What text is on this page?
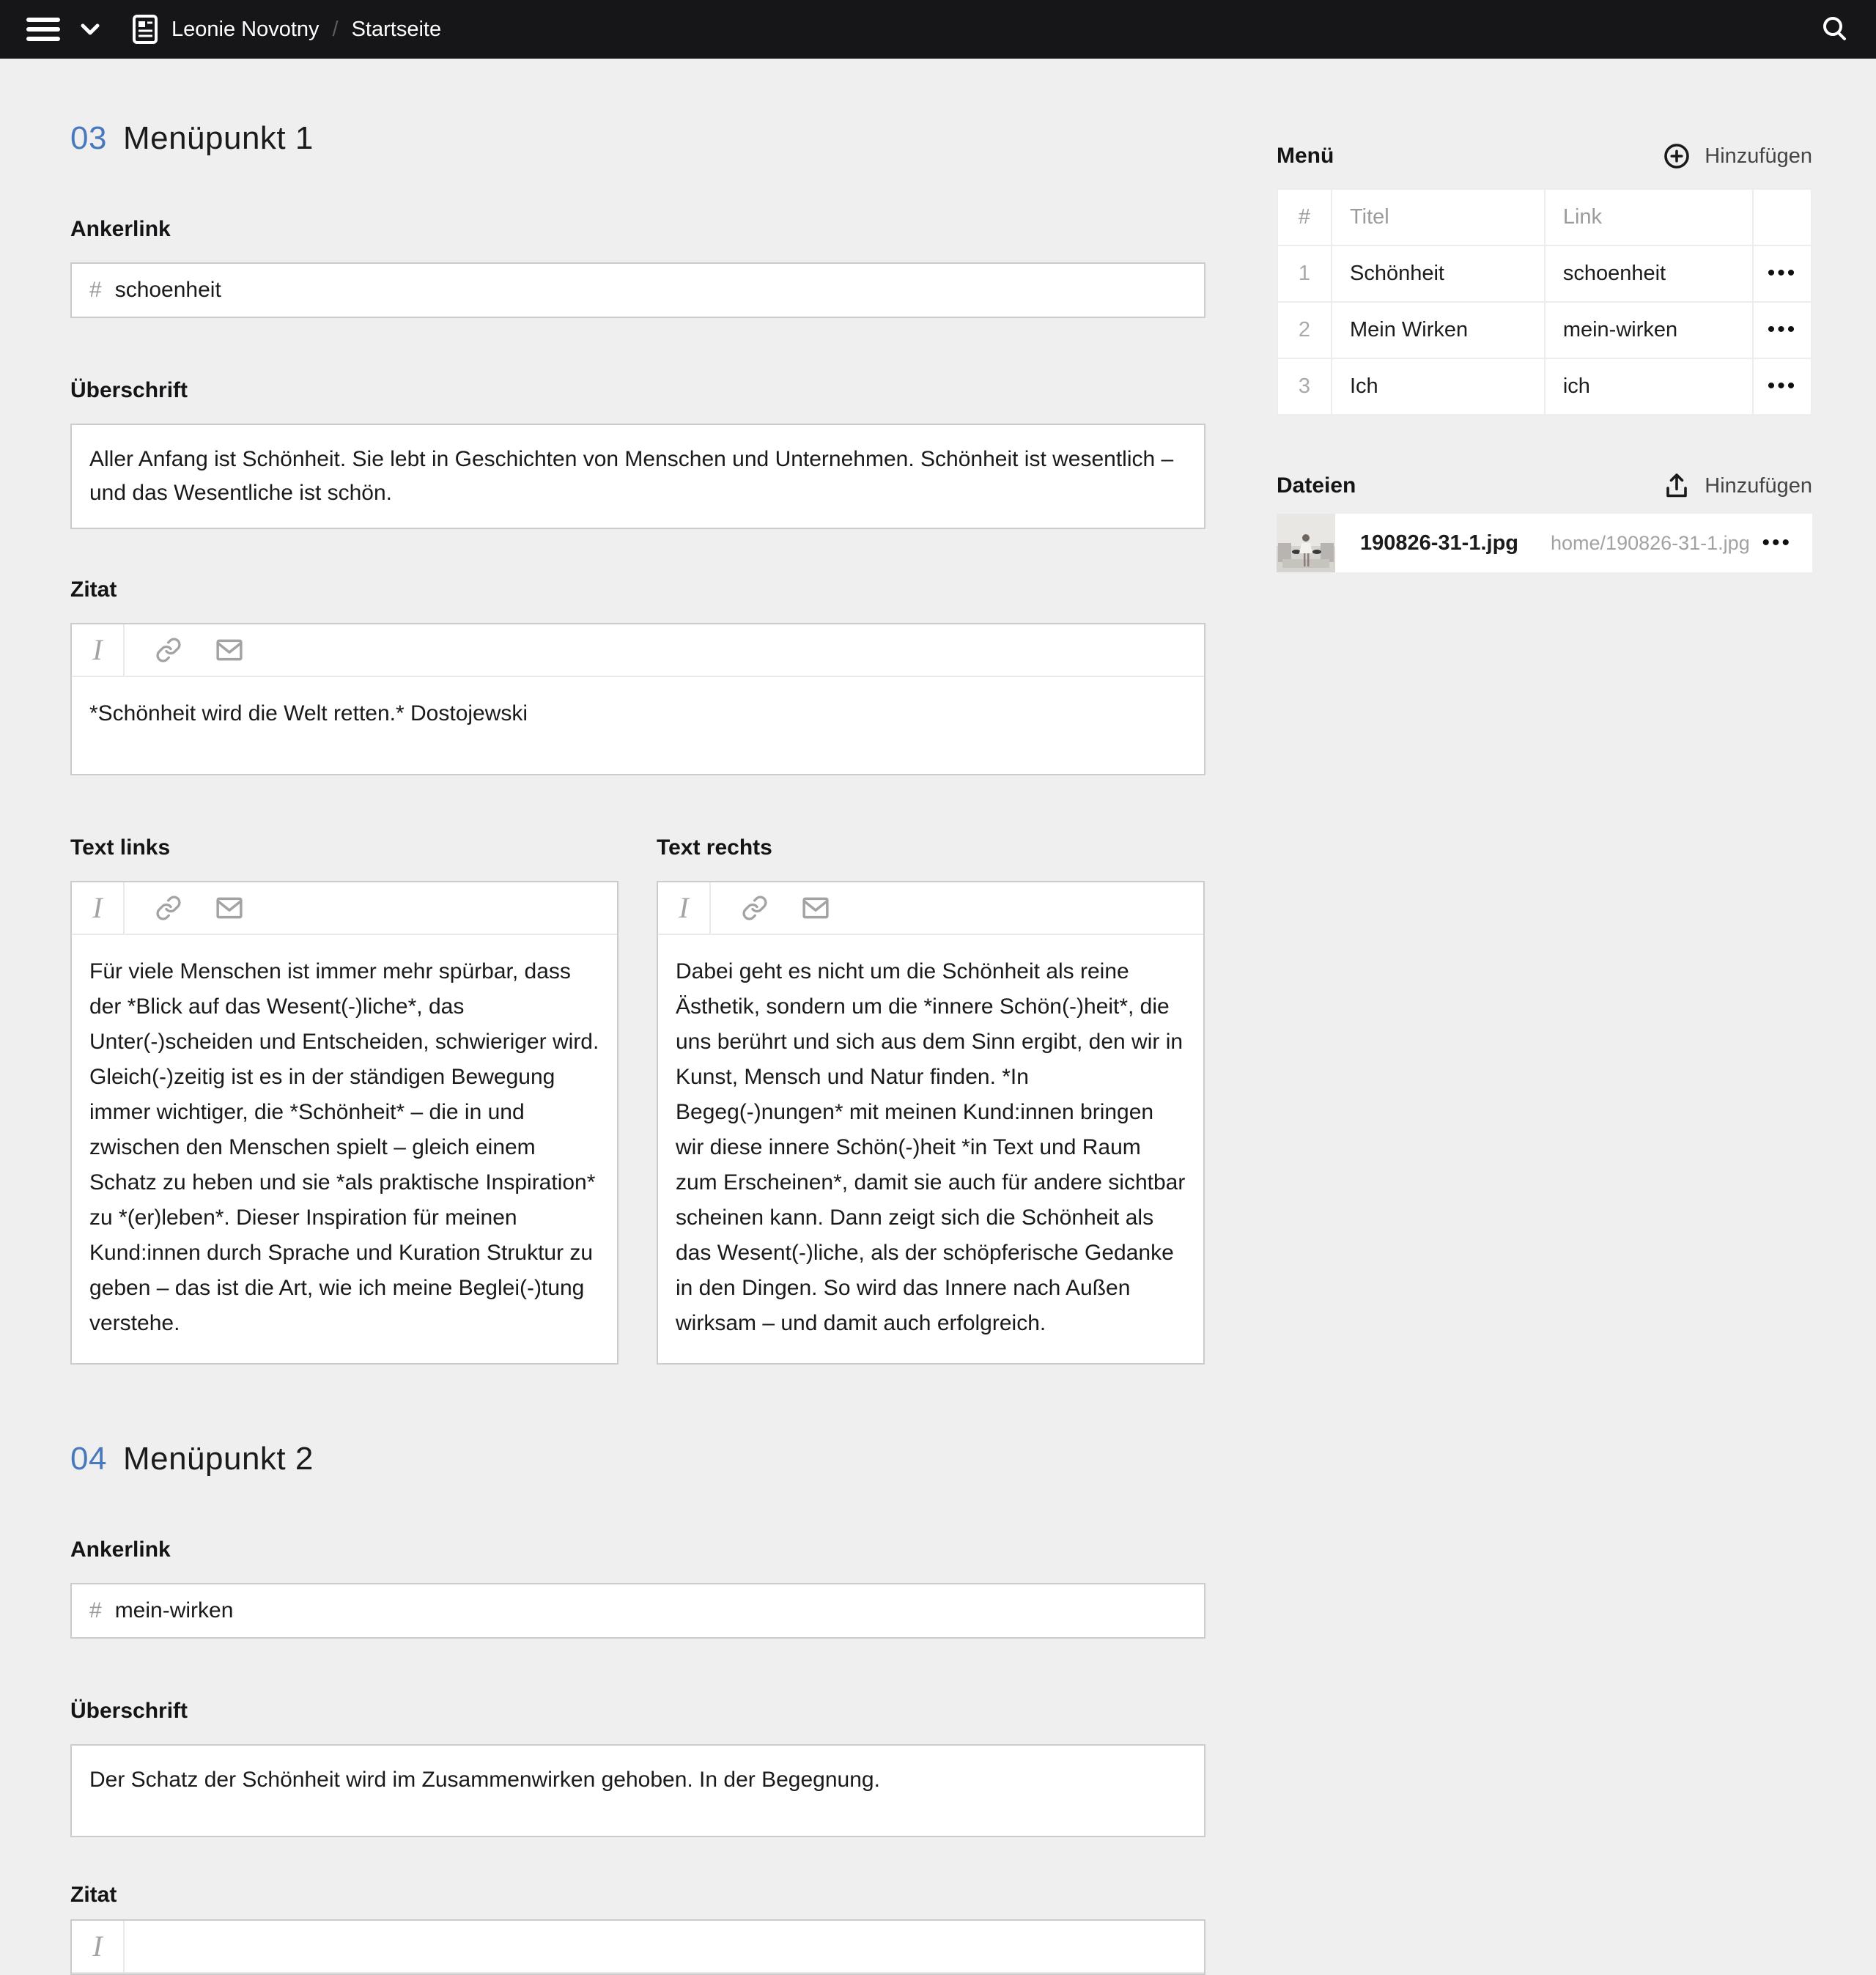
Leonie Novotny / Startseite
03 Menüpunkt 1
Ankerlink
# schoenheit
Überschrift
Aller Anfang ist Schönheit. Sie lebt in Geschichten von Menschen und Unternehmen. Schönheit ist wesentlich – und das Wesentliche ist schön.
Zitat
I
*Schönheit wird die Welt retten.* Dostojewski
Text links
I
Für viele Menschen ist immer mehr spürbar, dass der *Blick auf das Wesent(-)liche*, das Unter(-)scheiden und Entscheiden, schwieriger wird. Gleich(-)zeitig ist es in der ständigen Bewegung immer wichtiger, die *Schönheit* – die in und zwischen den Menschen spielt – gleich einem Schatz zu heben und sie *als praktische Inspiration* zu *(er)leben*. Dieser Inspiration für meinen Kund:innen durch Sprache und Kuration Struktur zu geben – das ist die Art, wie ich meine Beglei(-)tung verstehe.
Text rechts
I
Dabei geht es nicht um die Schönheit als reine Ästhetik, sondern um die *innere Schön(-)heit*, die uns berührt und sich aus dem Sinn ergibt, den wir in Kunst, Mensch und Natur finden. *In Begeg(-)nungen* mit meinen Kund:innen bringen wir diese innere Schön(-)heit *in Text und Raum zum Erscheinen*, damit sie auch für andere sichtbar scheinen kann. Dann zeigt sich die Schönheit als das Wesent(-)liche, als der schöpferische Gedanke in den Dingen. So wird das Innere nach Außen wirksam – und damit auch erfolgreich.
04 Menüpunkt 2
Ankerlink
# mein-wirken
Überschrift
Der Schatz der Schönheit wird im Zusammenwirken gehoben. In der Begegnung.
Zitat
I
Menü	Hinzufügen
#	Titel	Link	
1	Schönheit	schoenheit	•••
2	Mein Wirken	mein-wirken	•••
3	Ich	ich	•••
Dateien	Hinzufügen
190826-31-1.jpg home/190826-31-1.jpg •••
